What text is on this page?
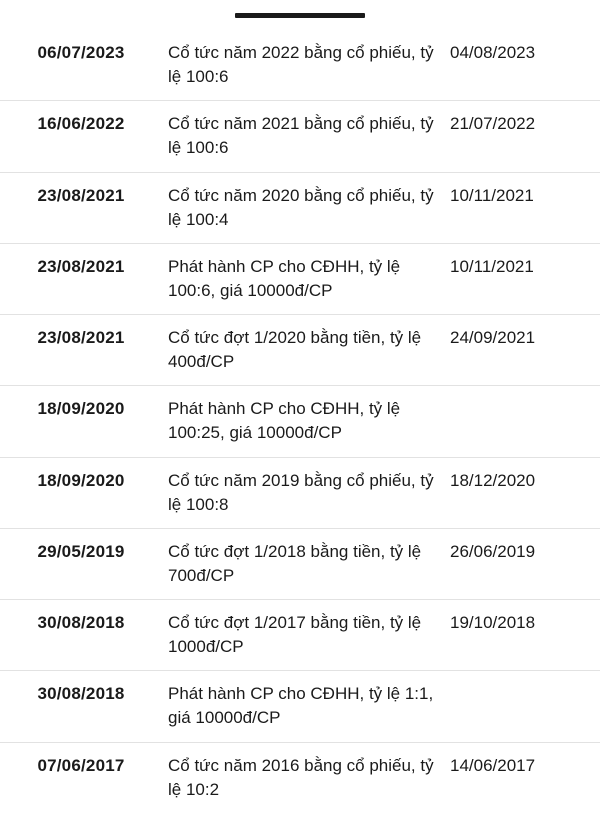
06/07/2023	Cổ tức năm 2022 bằng cổ phiếu, tỷ lệ 100:6	04/08/2023
16/06/2022	Cổ tức năm 2021 bằng cổ phiếu, tỷ lệ 100:6	21/07/2022
23/08/2021	Cổ tức năm 2020 bằng cổ phiếu, tỷ lệ 100:4	10/11/2021
23/08/2021	Phát hành CP cho CĐHH, tỷ lệ 100:6, giá 10000đ/CP	10/11/2021
23/08/2021	Cổ tức đợt 1/2020 bằng tiền, tỷ lệ 400đ/CP	24/09/2021
18/09/2020	Phát hành CP cho CĐHH, tỷ lệ 100:25, giá 10000đ/CP	
18/09/2020	Cổ tức năm 2019 bằng cổ phiếu, tỷ lệ 100:8	18/12/2020
29/05/2019	Cổ tức đợt 1/2018 bằng tiền, tỷ lệ 700đ/CP	26/06/2019
30/08/2018	Cổ tức đợt 1/2017 bằng tiền, tỷ lệ 1000đ/CP	19/10/2018
30/08/2018	Phát hành CP cho CĐHH, tỷ lệ 1:1, giá 10000đ/CP	
07/06/2017	Cổ tức năm 2016 bằng cổ phiếu, tỷ lệ 10:2	14/06/2017
